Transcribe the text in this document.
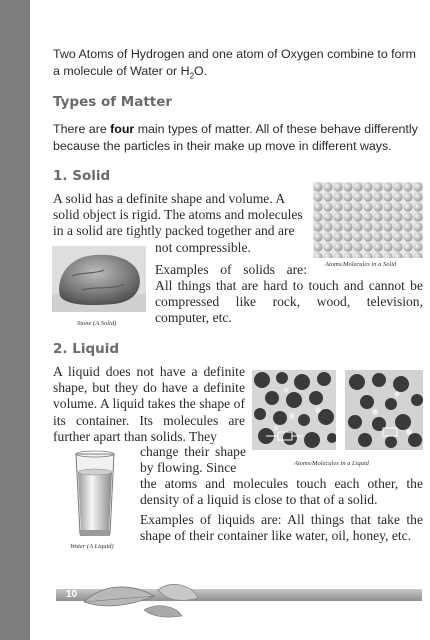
Two Atoms of Hydrogen and one atom of Oxygen combine to form a molecule of Water or $H_2O$.

Types of Matter

There are four main types of matter. All of these behave differently because the particles in their make up move in different ways.

1. Solid
A solid has a definite shape and volume. A
solid object is rigid. The atoms and molecules
in a solid are tightly packed together and are
not compressible.
Examples of solids are:
All things that are hard to touch and cannot be compressed like rock, wood, television, computer, etc.
Atoms/Molecules in a Solid
Stone (A Solid)
2. Liquid
A liquid does not have a definite shape, but they do have a definite volume. A liquid takes the shape of its container. Its molecules are further apart than solids. They
change their shape by flowing. Since
the atoms and molecules touch each other, the density of a liquid is close to that of a solid.
Examples of liquids are: All things that take the shape of their container like water, oil, honey, etc.
Atoms/Molecules in a Liquid
Water (A Liquid)
10
